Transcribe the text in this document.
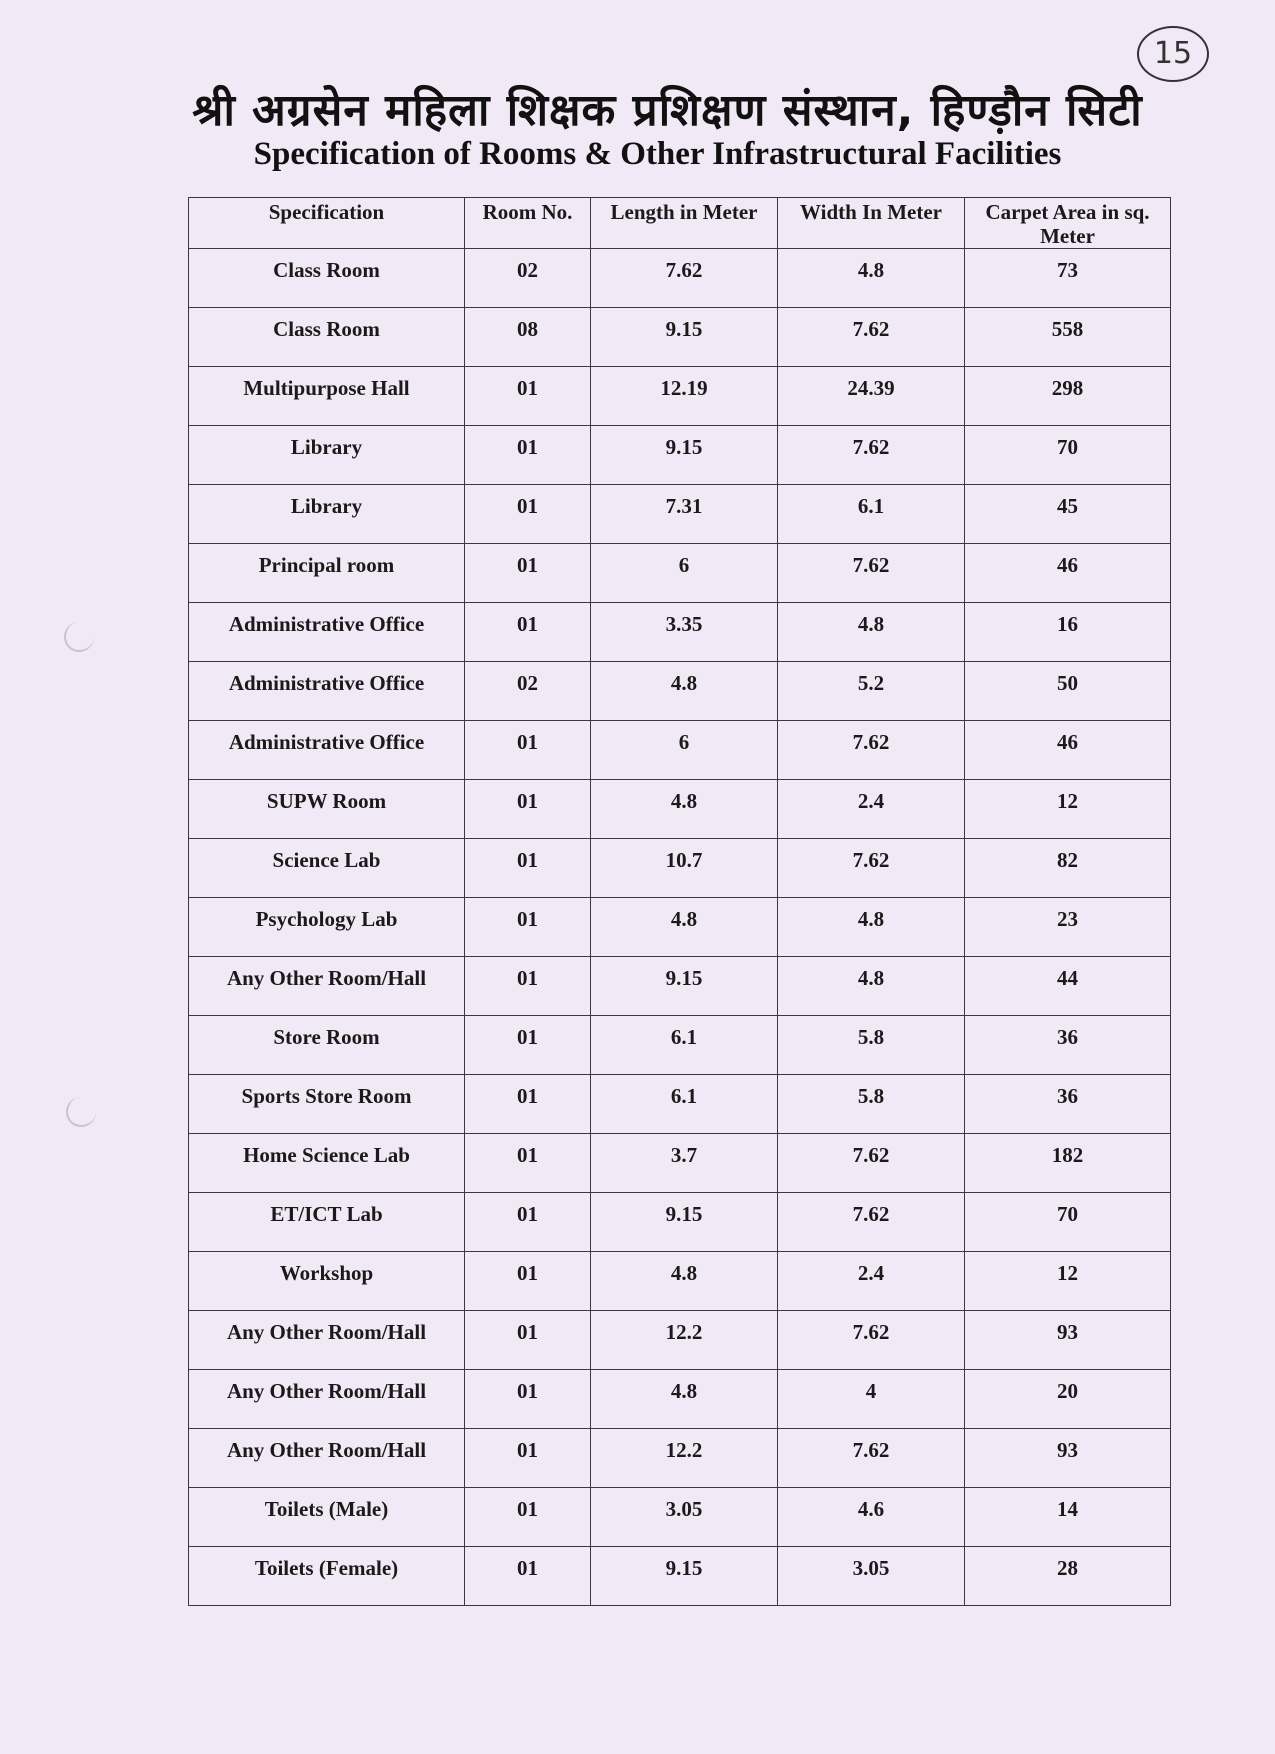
15
श्री अग्रसेन महिला शिक्षक प्रशिक्षण संस्थान, हिण्ड़ौन सिटी
Specification of Rooms & Other Infrastructural Facilities
Specification	Room No.	Length in Meter	Width In Meter	Carpet Area in sq. Meter
Class Room	02	7.62	4.8	73
Class Room	08	9.15	7.62	558
Multipurpose Hall	01	12.19	24.39	298
Library	01	9.15	7.62	70
Library	01	7.31	6.1	45
Principal room	01	6	7.62	46
Administrative Office	01	3.35	4.8	16
Administrative Office	02	4.8	5.2	50
Administrative Office	01	6	7.62	46
SUPW Room	01	4.8	2.4	12
Science Lab	01	10.7	7.62	82
Psychology Lab	01	4.8	4.8	23
Any Other Room/Hall	01	9.15	4.8	44
Store Room	01	6.1	5.8	36
Sports Store Room	01	6.1	5.8	36
Home Science Lab	01	3.7	7.62	182
ET/ICT Lab	01	9.15	7.62	70
Workshop	01	4.8	2.4	12
Any Other Room/Hall	01	12.2	7.62	93
Any Other Room/Hall	01	4.8	4	20
Any Other Room/Hall	01	12.2	7.62	93
Toilets (Male)	01	3.05	4.6	14
Toilets (Female)	01	9.15	3.05	28
